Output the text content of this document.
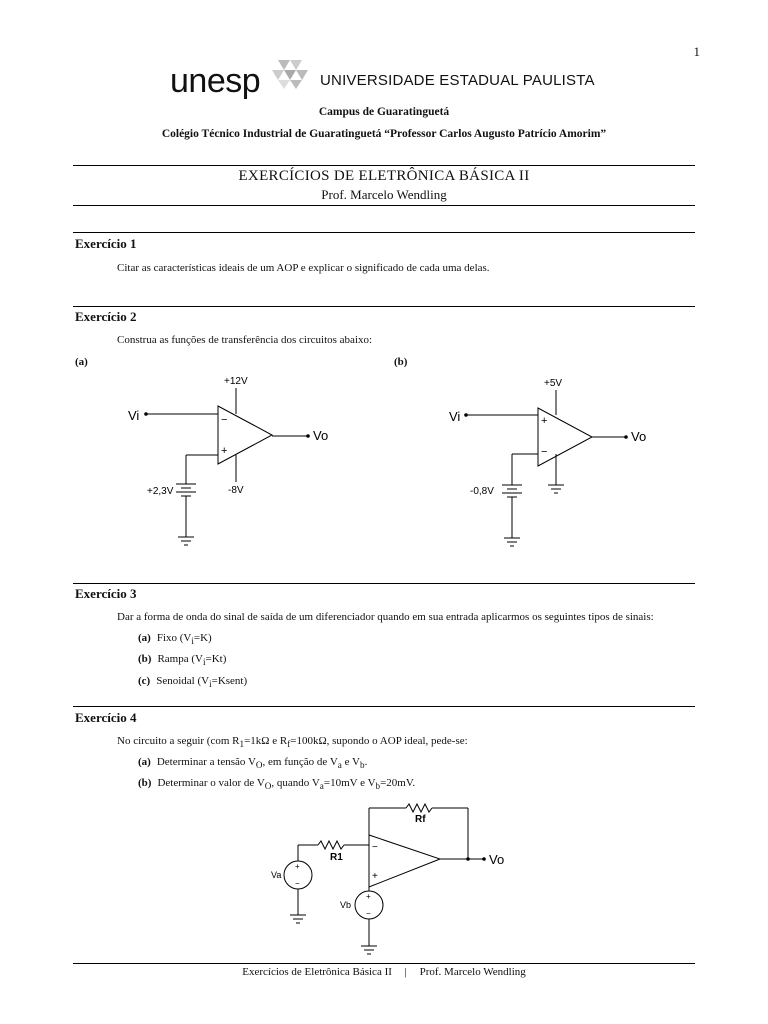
1
unesp	UNIVERSIDADE ESTADUAL PAULISTA
Campus de Guaratinguetá
Colégio Técnico Industrial de Guaratinguetá “Professor Carlos Augusto Patrício Amorim”
EXERCÍCIOS DE ELETRÔNICA BÁSICA II
Prof. Marcelo Wendling
Exercício 1
Citar as características ideais de um AOP e explicar o significado de cada uma delas.
Exercício 2
Construa as funções de transferência dos circuitos abaixo:
(a)	(b)
+12V
Vi
Vo
+2,3V	-8V
−
+
+5V
Vi
Vo
-0,8V
+
−
Exercício 3
Dar a forma de onda do sinal de saída de um diferenciador quando em sua entrada aplicarmos os seguintes tipos de sinais:
(a) Fixo $(V_i=K)$
(b) Rampa $(V_i=Kt)$
(c) Senoidal $(V_i=Ksent)$
Exercício 4
No circuito a seguir (com $R_1=1k\Omega$ e $R_f=100k\Omega$, supondo o AOP ideal, pede-se:
(a) Determinar a tensão $V_O$, em função de $V_a$ e $V_b$.
(b) Determinar o valor de $V_O$, quando $V_a=10mV$ e $V_b=20mV$.
+
−
+
−
Rf
R1
Va
Vb
Vo
−
+
Exercícios de Eletrônica Básica II | Prof. Marcelo Wendling
